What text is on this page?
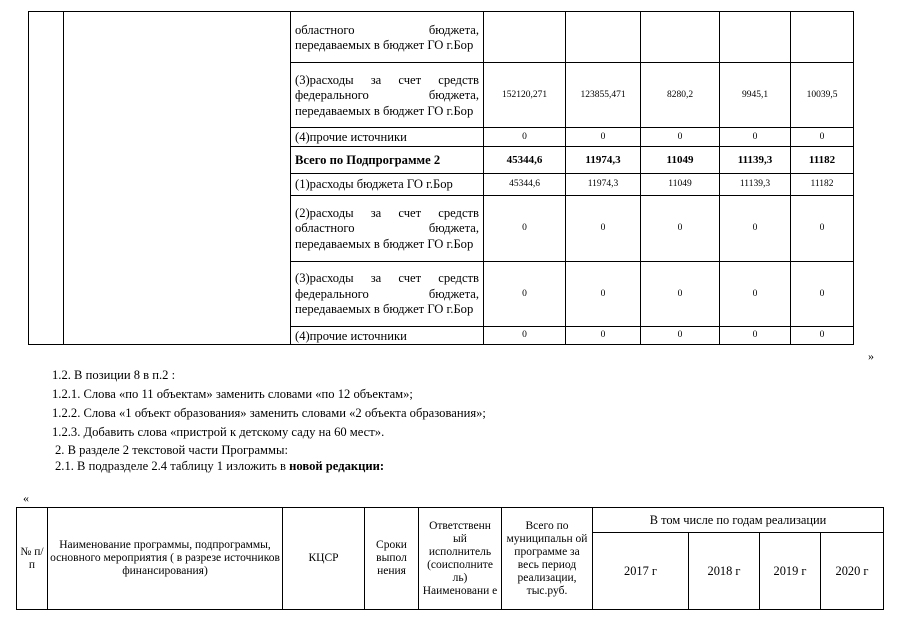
		областного бюджета, передаваемых в бюджет ГО г.Бор					
		(3)расходы за счет средств федерального бюджета, передаваемых в бюджет ГО г.Бор	152120,271	123855,471	8280,2	9945,1	10039,5
		(4)прочие источники	0	0	0	0	0
		Всего по Подпрограмме 2	45344,6	11974,3	11049	11139,3	11182
		(1)расходы бюджета ГО г.Бор	45344,6	11974,3	11049	11139,3	11182
		(2)расходы за счет средств областного бюджета, передаваемых в бюджет ГО г.Бор	0	0	0	0	0
		(3)расходы за счет средств федерального бюджета, передаваемых в бюджет ГО г.Бор	0	0	0	0	0
		(4)прочие источники	0	0	0	0	0
»
1.2. В позиции 8 в п.2 :
1.2.1. Слова «по 11 объектам» заменить словами «по 12 объектам»;
1.2.2. Слова «1 объект образования» заменить словами «2 объекта образования»;
1.2.3. Добавить слова «пристрой к детскому саду на 60 мест».
2. В разделе 2 текстовой части Программы:
2.1. В подразделе 2.4 таблицу 1 изложить в новой редакции:
«
№ п/п	Наименование программы, подпрограммы, основного мероприятия ( в разрезе источников финансирования)	КЦСР	Сроки выпол нения	Ответственн ый исполнитель (соисполните ль) Наименовани е	Всего по муниципальн ой программе за весь период реализации, тыс.руб.	В том числе по годам реализации			
						2017 г	2018 г	2019 г	2020 г
